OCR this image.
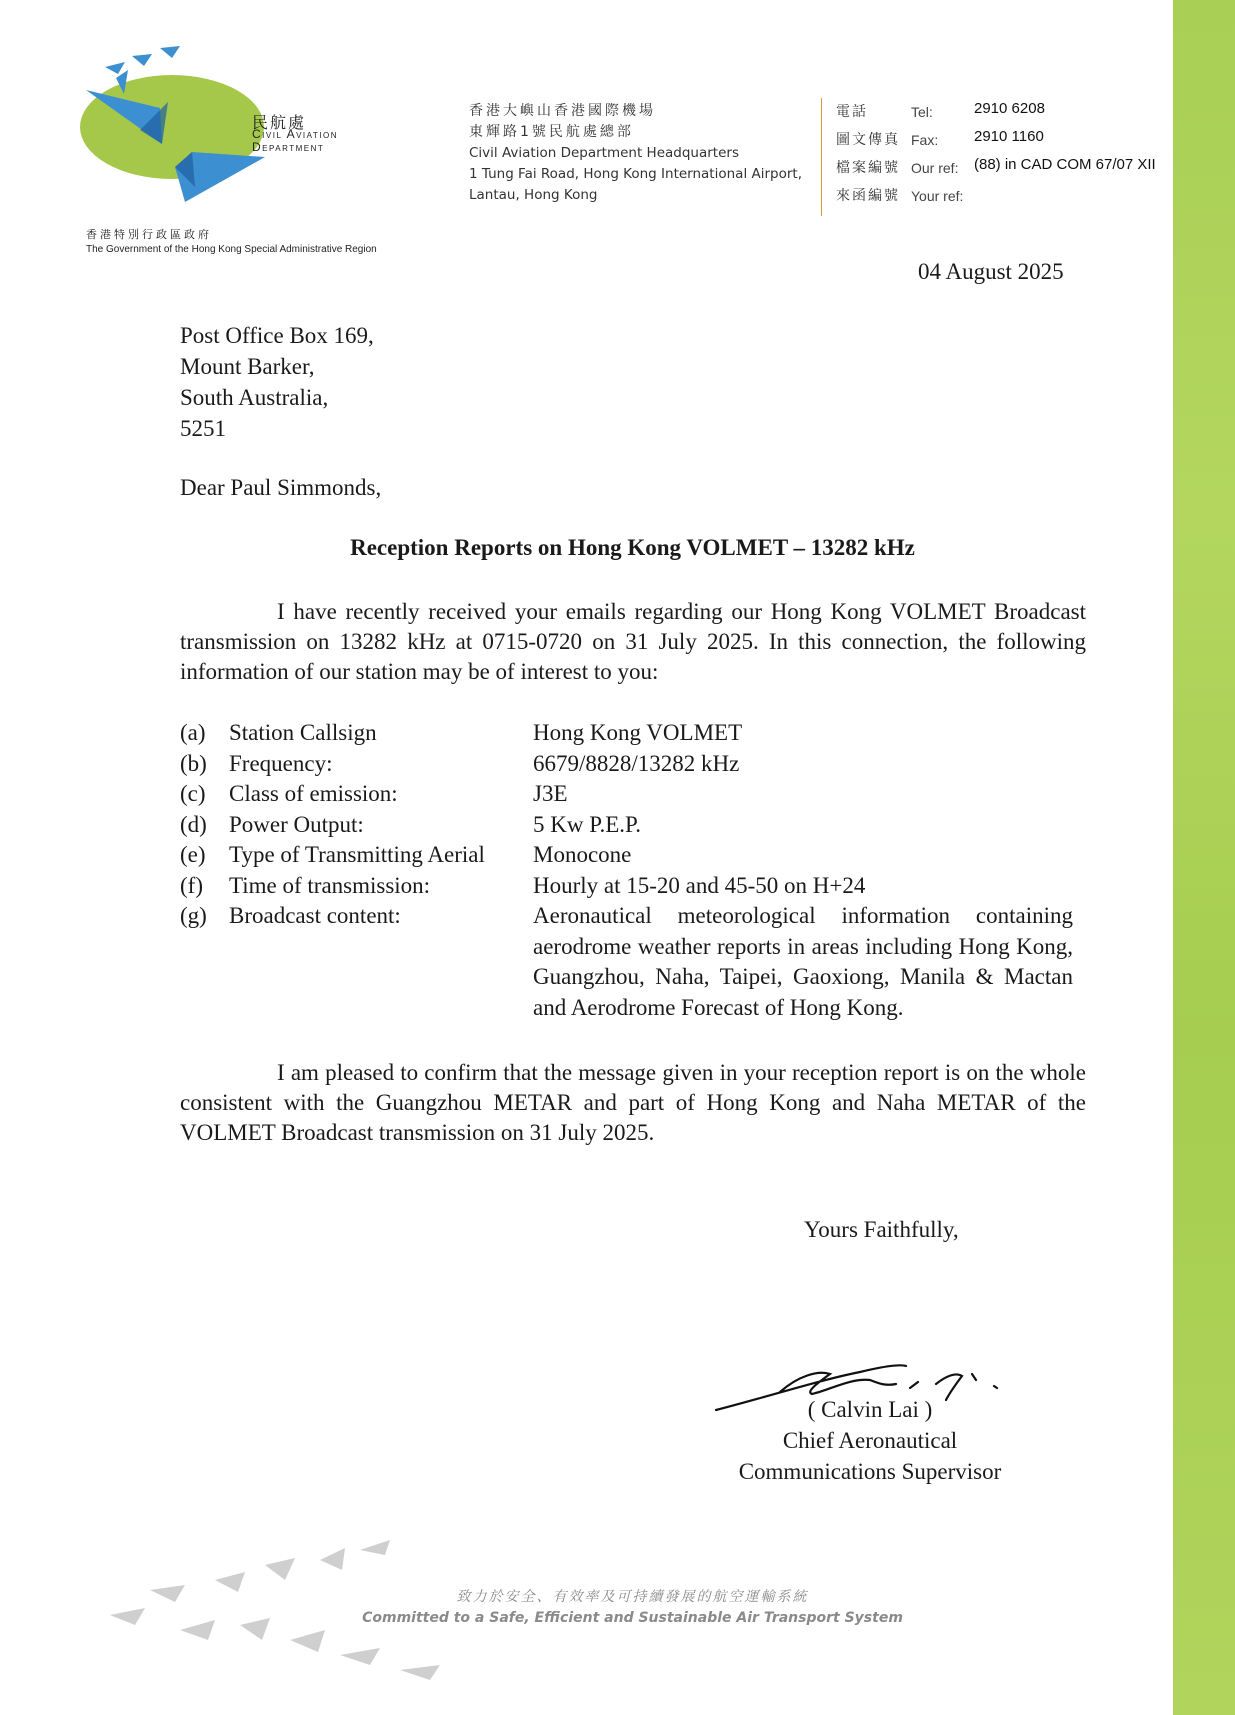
民航處
Civil Aviation
Department
香港特別行政區政府
The Government of the Hong Kong Special Administrative Region
香港大嶼山香港國際機場
東輝路1號民航處總部
Civil Aviation Department Headquarters
1 Tung Fai Road, Hong Kong International Airport,
Lantau, Hong Kong
電話	Tel:	2910 6208
圖文傳真 Fax: 2910 1160
檔案編號 Our ref: (88) in CAD COM 67/07 XII
來函編號 Your ref:
04 August 2025
Post Office Box 169,
Mount Barker,
South Australia,
5251
Dear Paul Simmonds,
Reception Reports on Hong Kong VOLMET – 13282 kHz
I have recently received your emails regarding our Hong Kong VOLMET Broadcast transmission on 13282 kHz at 0715-0720 on 31 July 2025. In this connection, the following information of our station may be of interest to you:
(a)	Station Callsign	Hong Kong VOLMET
(b) Frequency:	6679/8828/13282 kHz
(c)	Class of emission:	J3E
(d) Power Output:	5 Kw P.E.P.
(e)	Type of Transmitting Aerial	Monocone
(f)	Time of transmission:	Hourly at 15-20 and 45-50 on H+24
(g) Broadcast content:	Aeronautical meteorological information containing aerodrome weather reports in areas including Hong Kong, Guangzhou, Naha, Taipei, Gaoxiong, Manila & Mactan and Aerodrome Forecast of Hong Kong.
I am pleased to confirm that the message given in your reception report is on the whole consistent with the Guangzhou METAR and part of Hong Kong and Naha METAR of the VOLMET Broadcast transmission on 31 July 2025.
Yours Faithfully,
( Calvin Lai )
Chief Aeronautical
Communications Supervisor
致力於安全、有效率及可持續發展的航空運輸系統
Committed to a Safe, Efficient and Sustainable Air Transport System
